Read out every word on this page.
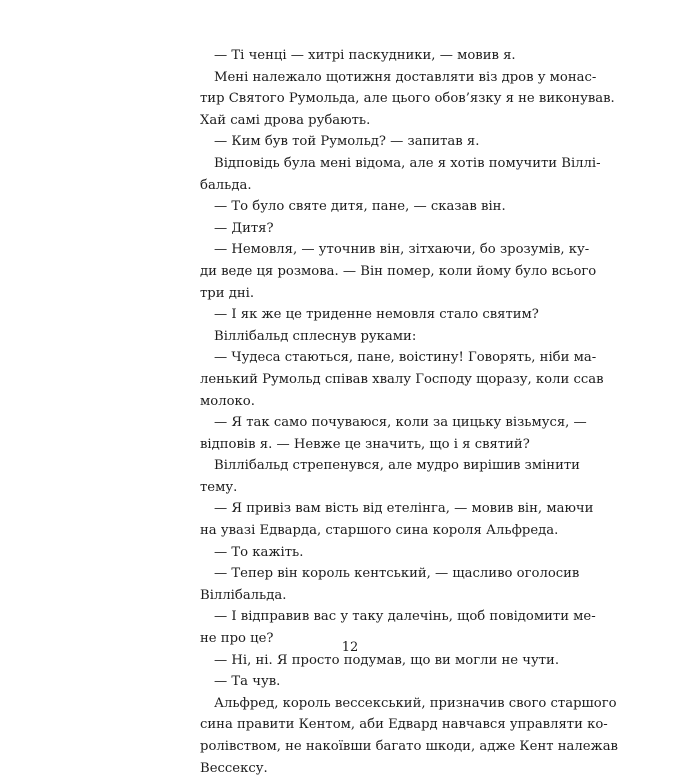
— Ті ченці — хитрі паскудники, — мовив я.
Мені належало щотижня доставляти віз дров у монас-
тир Святого Румольда, але цього обов’язку я не виконував.
Хай самі дрова рубають.
— Ким був той Румольд? — запитав я.
Відповідь була мені відома, але я хотів помучити Віллі-
бальда.
— То було святе дитя, пане, — сказав він.
— Дитя?
— Немовля, — уточнив він, зітхаючи, бо зрозумів, ку-
ди веде ця розмова. — Він помер, коли йому було всього
три дні.
— І як же це триденне немовля стало святим?
Віллібальд сплеснув руками:
— Чудеса стаються, пане, воістину! Говорять, ніби ма-
ленький Румольд співав хвалу Господу щоразу, коли ссав
молоко.
— Я так само почуваюся, коли за цицьку візьмуся, —
відповів я. — Невже це значить, що і я святий?
Віллібальд стрепенувся, але мудро вирішив змінити
тему.
— Я привіз вам вість від етелінга, — мовив він, маючи
на увазі Едварда, старшого сина короля Альфреда.
— То кажіть.
— Тепер він король кентський, — щасливо оголосив
Віллібальда.
— І відправив вас у таку далечінь, щоб повідомити ме-
не про це?
— Ні, ні. Я просто подумав, що ви могли не чути.
— Та чув.
Альфред, король вессекський, призначив свого старшого
сина правити Кентом, аби Едвард навчався управляти ко-
ролівством, не накоївши багато шкоди, адже Кент належав
Вессексу.
12
